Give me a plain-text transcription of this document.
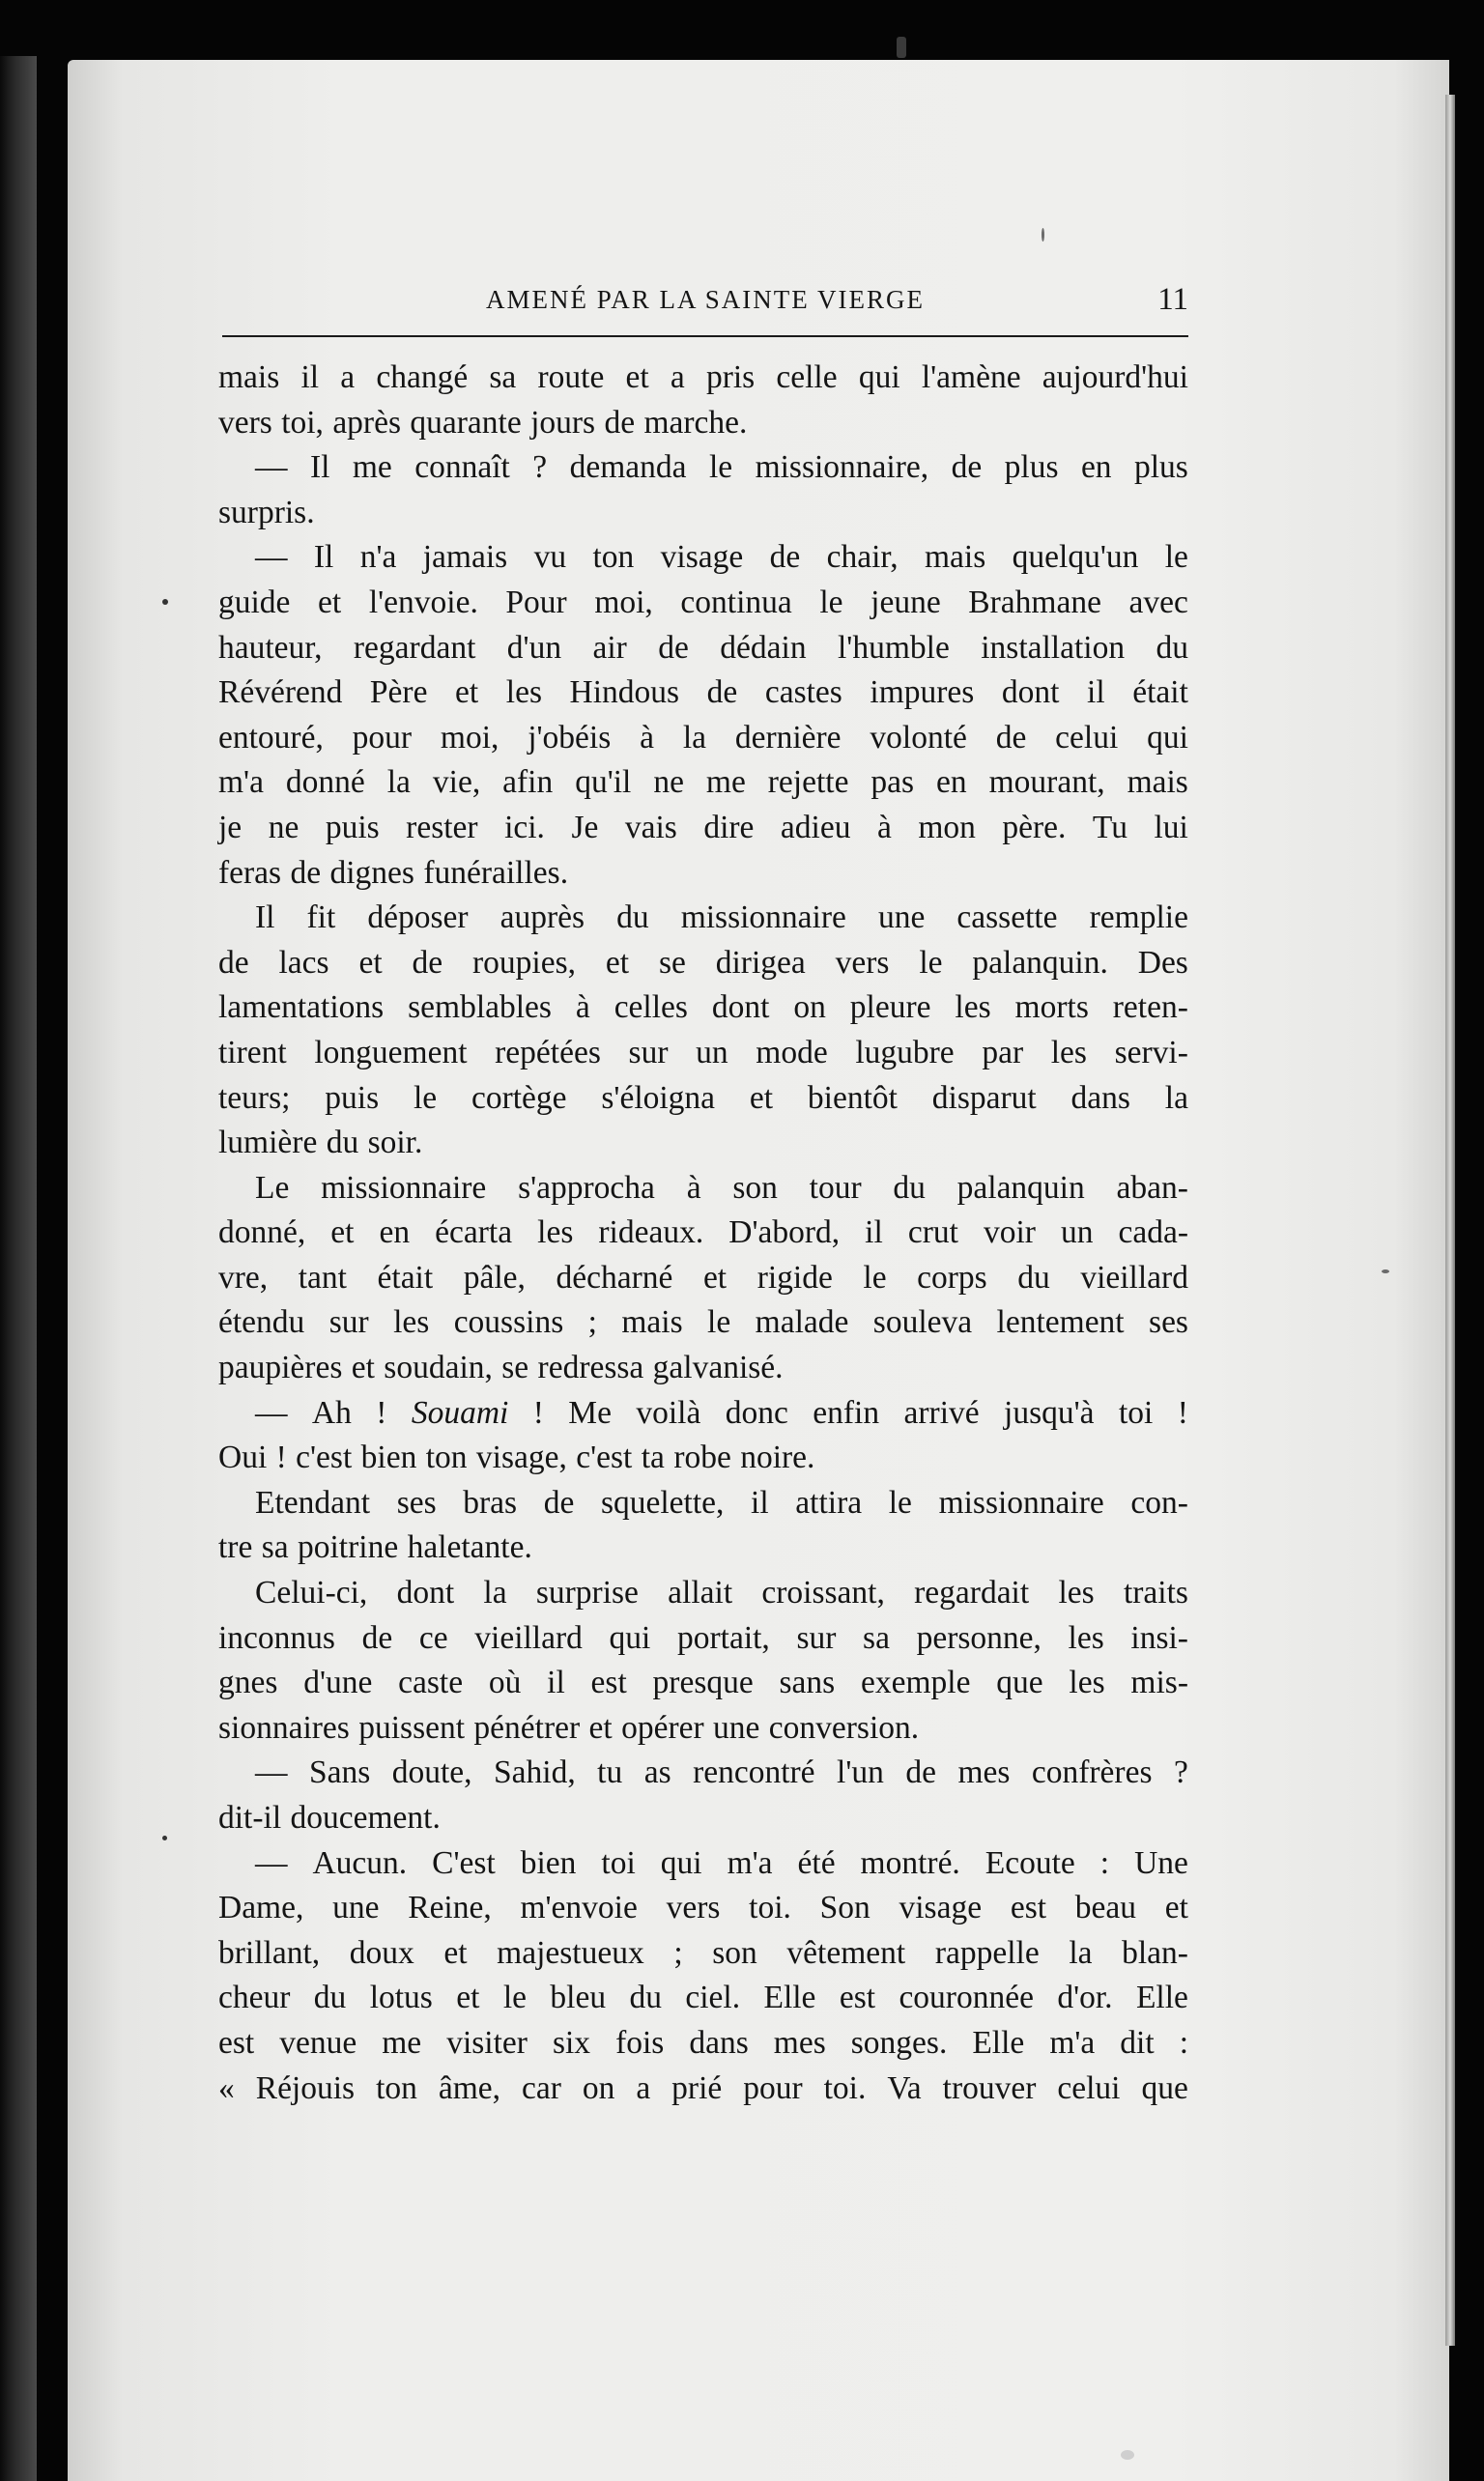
AMENÉ PAR LA SAINTE VIERGE	11
mais il a changé sa route et a pris celle qui l'amène aujourd'hui
vers toi, après quarante jours de marche.
— Il me connaît ? demanda le missionnaire, de plus en plus
surpris.
— Il n'a jamais vu ton visage de chair, mais quelqu'un le
guide et l'envoie. Pour moi, continua le jeune Brahmane avec
hauteur, regardant d'un air de dédain l'humble installation du
Révérend Père et les Hindous de castes impures dont il était
entouré, pour moi, j'obéis à la dernière volonté de celui qui
m'a donné la vie, afin qu'il ne me rejette pas en mourant, mais
je ne puis rester ici. Je vais dire adieu à mon père. Tu lui
feras de dignes funérailles.
Il fit déposer auprès du missionnaire une cassette remplie
de lacs et de roupies, et se dirigea vers le palanquin. Des
lamentations semblables à celles dont on pleure les morts reten-
tirent longuement repétées sur un mode lugubre par les servi-
teurs; puis le cortège s'éloigna et bientôt disparut dans la
lumière du soir.
Le missionnaire s'approcha à son tour du palanquin aban-
donné, et en écarta les rideaux. D'abord, il crut voir un cada-
vre, tant était pâle, décharné et rigide le corps du vieillard
étendu sur les coussins ; mais le malade souleva lentement ses
paupières et soudain, se redressa galvanisé.
— Ah ! Souami ! Me voilà donc enfin arrivé jusqu'à toi !
Oui ! c'est bien ton visage, c'est ta robe noire.
Etendant ses bras de squelette, il attira le missionnaire con-
tre sa poitrine haletante.
Celui-ci, dont la surprise allait croissant, regardait les traits
inconnus de ce vieillard qui portait, sur sa personne, les insi-
gnes d'une caste où il est presque sans exemple que les mis-
sionnaires puissent pénétrer et opérer une conversion.
— Sans doute, Sahid, tu as rencontré l'un de mes confrères ?
dit-il doucement.
— Aucun. C'est bien toi qui m'a été montré. Ecoute : Une
Dame, une Reine, m'envoie vers toi. Son visage est beau et
brillant, doux et majestueux ; son vêtement rappelle la blan-
cheur du lotus et le bleu du ciel. Elle est couronnée d'or. Elle
est venue me visiter six fois dans mes songes. Elle m'a dit :
« Réjouis ton âme, car on a prié pour toi. Va trouver celui que
